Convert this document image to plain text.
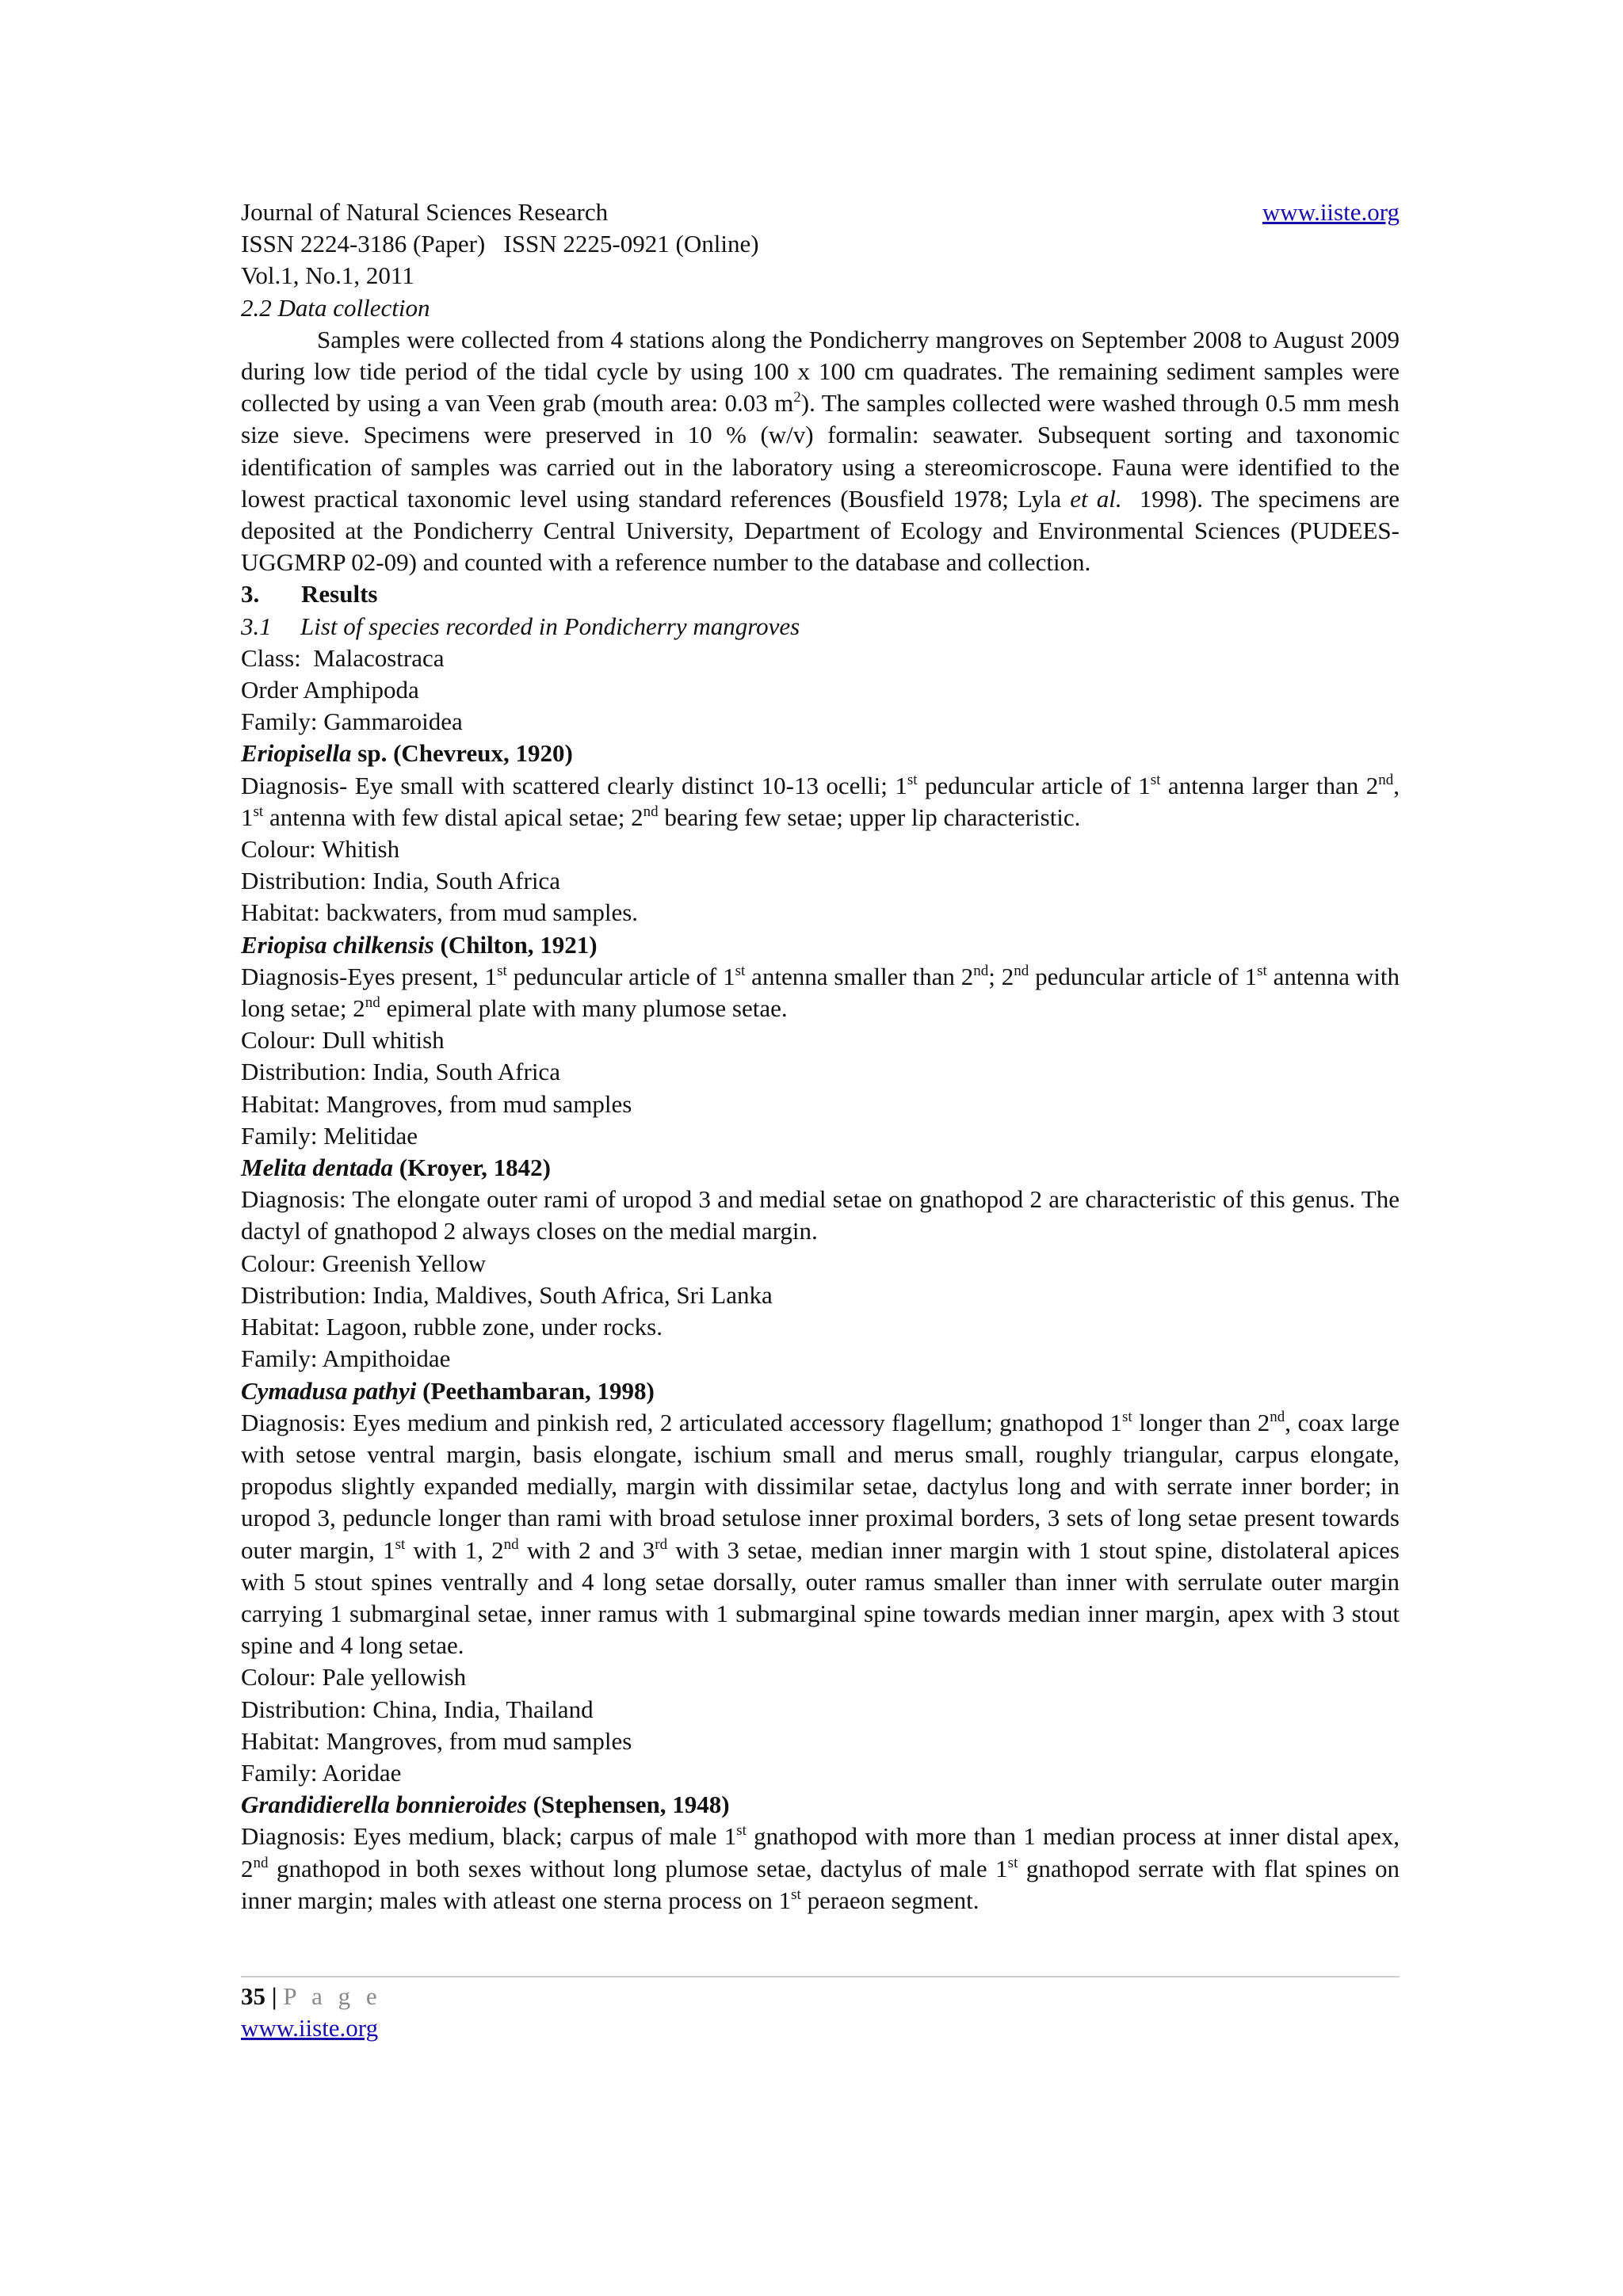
Journal of Natural Sciences Research	www.iiste.org
ISSN 2224-3186 (Paper)   ISSN 2225-0921 (Online)
Vol.1, No.1, 2011
2.2 Data collection
Samples were collected from 4 stations along the Pondicherry mangroves on September 2008 to August 2009 during low tide period of the tidal cycle by using 100 x 100 cm quadrates. The remaining sediment samples were collected by using a van Veen grab (mouth area: 0.03 $m^2$). The samples collected were washed through 0.5 mm mesh size sieve. Specimens were preserved in 10 % (w/v) formalin: seawater. Subsequent sorting and taxonomic identification of samples was carried out in the laboratory using a stereomicroscope. Fauna were identified to the lowest practical taxonomic level using standard references (Bousfield 1978; Lyla et al.  1998). The specimens are deposited at the Pondicherry Central University, Department of Ecology and Environmental Sciences (PUDEES- UGGMRP 02-09) and counted with a reference number to the database and collection.
3. Results
3.1 List of species recorded in Pondicherry mangroves
Class:  Malacostraca
Order Amphipoda
Family: Gammaroidea
Eriopisella sp. (Chevreux, 1920)
Diagnosis- Eye small with scattered clearly distinct 10-13 ocelli; 1st peduncular article of 1st antenna larger than 2nd, 1st antenna with few distal apical setae; 2nd bearing few setae; upper lip characteristic.
Colour: Whitish
Distribution: India, South Africa
Habitat: backwaters, from mud samples.
Eriopisa chilkensis (Chilton, 1921)
Diagnosis-Eyes present, 1st peduncular article of 1st antenna smaller than 2nd; 2nd peduncular article of 1st antenna with long setae; 2nd epimeral plate with many plumose setae.
Colour: Dull whitish
Distribution: India, South Africa
Habitat: Mangroves, from mud samples
Family: Melitidae
Melita dentada (Kroyer, 1842)
Diagnosis: The elongate outer rami of uropod 3 and medial setae on gnathopod 2 are characteristic of this genus. The dactyl of gnathopod 2 always closes on the medial margin.
Colour: Greenish Yellow
Distribution: India, Maldives, South Africa, Sri Lanka
Habitat: Lagoon, rubble zone, under rocks.
Family: Ampithoidae
Cymadusa pathyi (Peethambaran, 1998)
Diagnosis: Eyes medium and pinkish red, 2 articulated accessory flagellum; gnathopod 1st longer than 2nd, coax large with setose ventral margin, basis elongate, ischium small and merus small, roughly triangular, carpus elongate, propodus slightly expanded medially, margin with dissimilar setae, dactylus long and with serrate inner border; in uropod 3, peduncle longer than rami with broad setulose inner proximal borders, 3 sets of long setae present towards outer margin, 1st with 1, 2nd with 2 and 3rd with 3 setae, median inner margin with 1 stout spine, distolateral apices with 5 stout spines ventrally and 4 long setae dorsally, outer ramus smaller than inner with serrulate outer margin carrying 1 submarginal setae, inner ramus with 1 submarginal spine towards median inner margin, apex with 3 stout spine and 4 long setae.
Colour: Pale yellowish
Distribution: China, India, Thailand
Habitat: Mangroves, from mud samples
Family: Aoridae
Grandidierella bonnieroides (Stephensen, 1948)
Diagnosis: Eyes medium, black; carpus of male 1st gnathopod with more than 1 median process at inner distal apex, 2nd gnathopod in both sexes without long plumose setae, dactylus of male 1st gnathopod serrate with flat spines on inner margin; males with atleast one sterna process on 1st peraeon segment.
35 | P a g e
www.iiste.org
